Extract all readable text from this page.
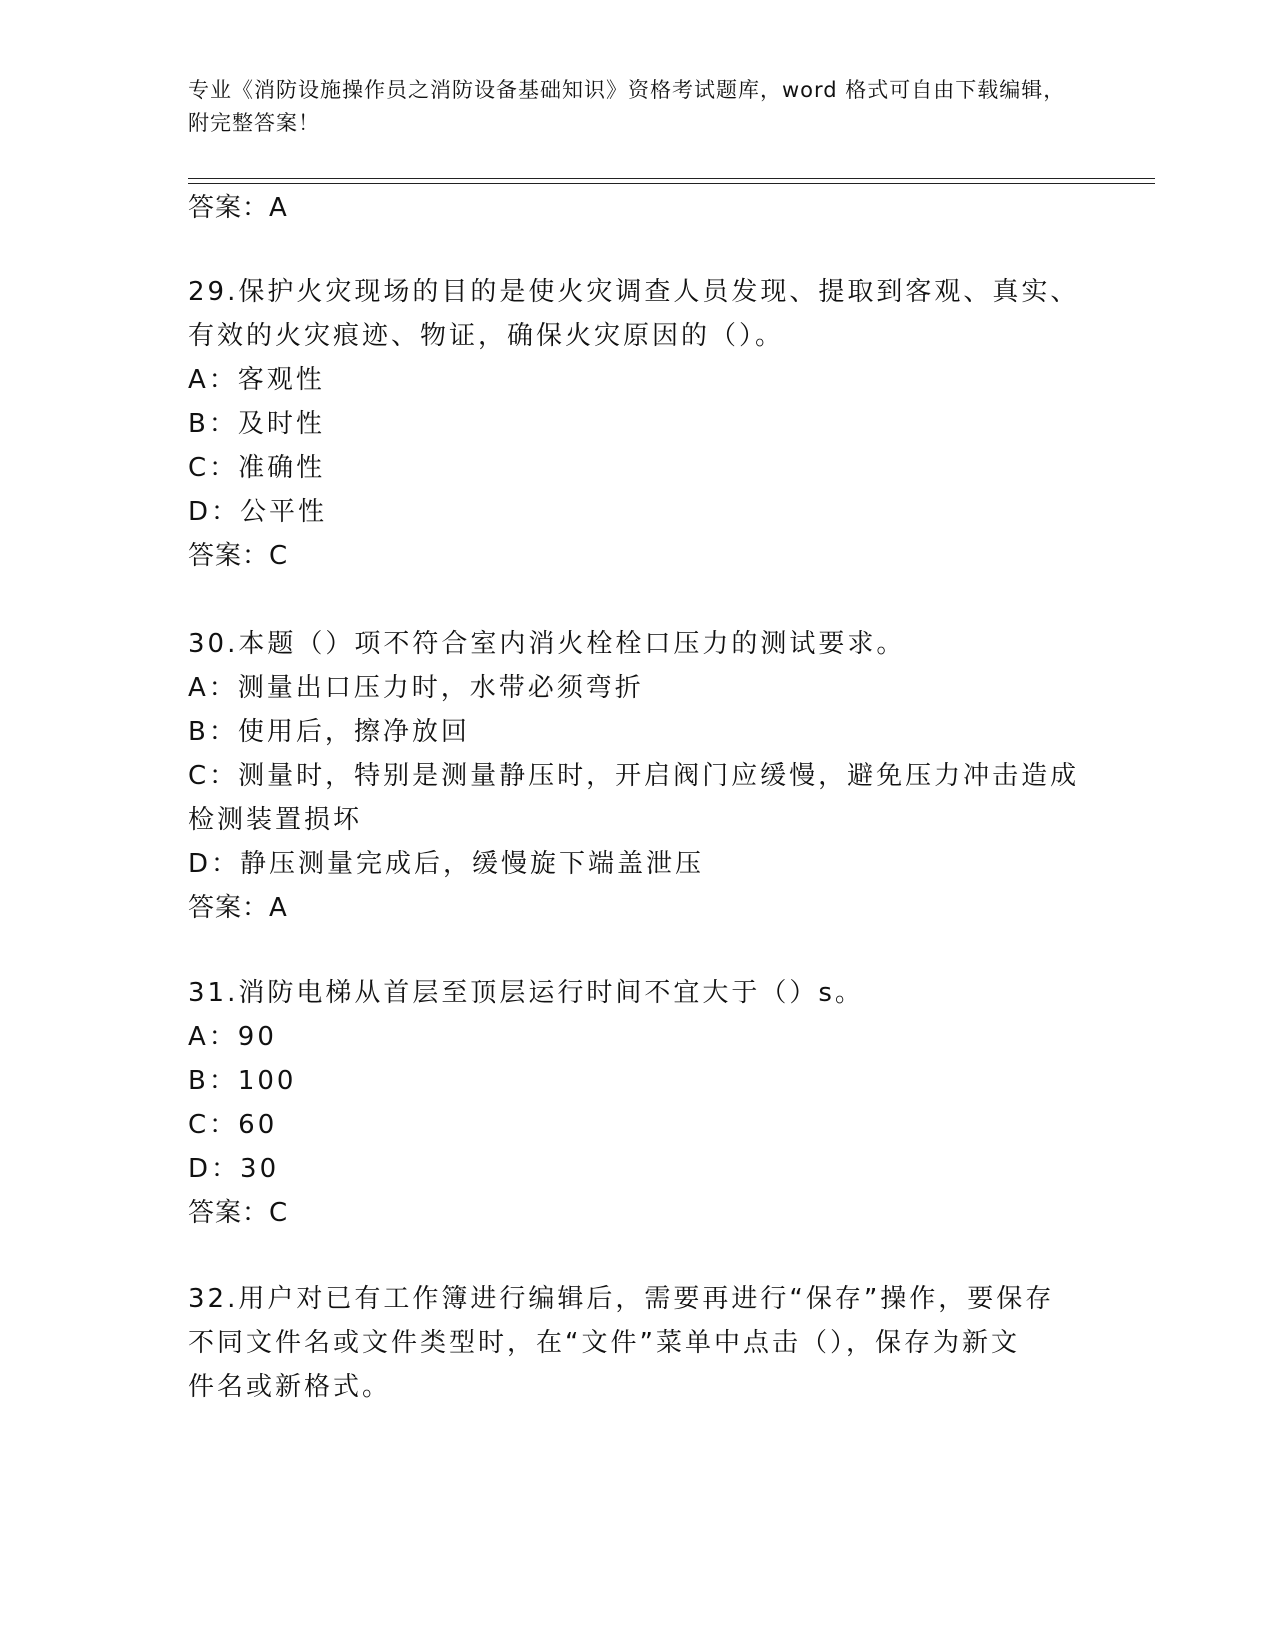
专业《消防设施操作员之消防设备基础知识》资格考试题库，word 格式可自由下载编辑，附完整答案！
答案：A
29.保护火灾现场的目的是使火灾调查人员发现、提取到客观、真实、
有效的火灾痕迹、物证，确保火灾原因的（）。
A：客观性
B：及时性
C：准确性
D：公平性
答案：C
30.本题（）项不符合室内消火栓栓口压力的测试要求。
A：测量出口压力时，水带必须弯折
B：使用后，擦净放回
C：测量时，特别是测量静压时，开启阀门应缓慢，避免压力冲击造成
检测装置损坏
D：静压测量完成后，缓慢旋下端盖泄压
答案：A
31.消防电梯从首层至顶层运行时间不宜大于（）s。
A：90
B：100
C：60
D：30
答案：C
32.用户对已有工作簿进行编辑后，需要再进行“保存”操作，要保存
不同文件名或文件类型时，在“文件”菜单中点击（），保存为新文
件名或新格式。
